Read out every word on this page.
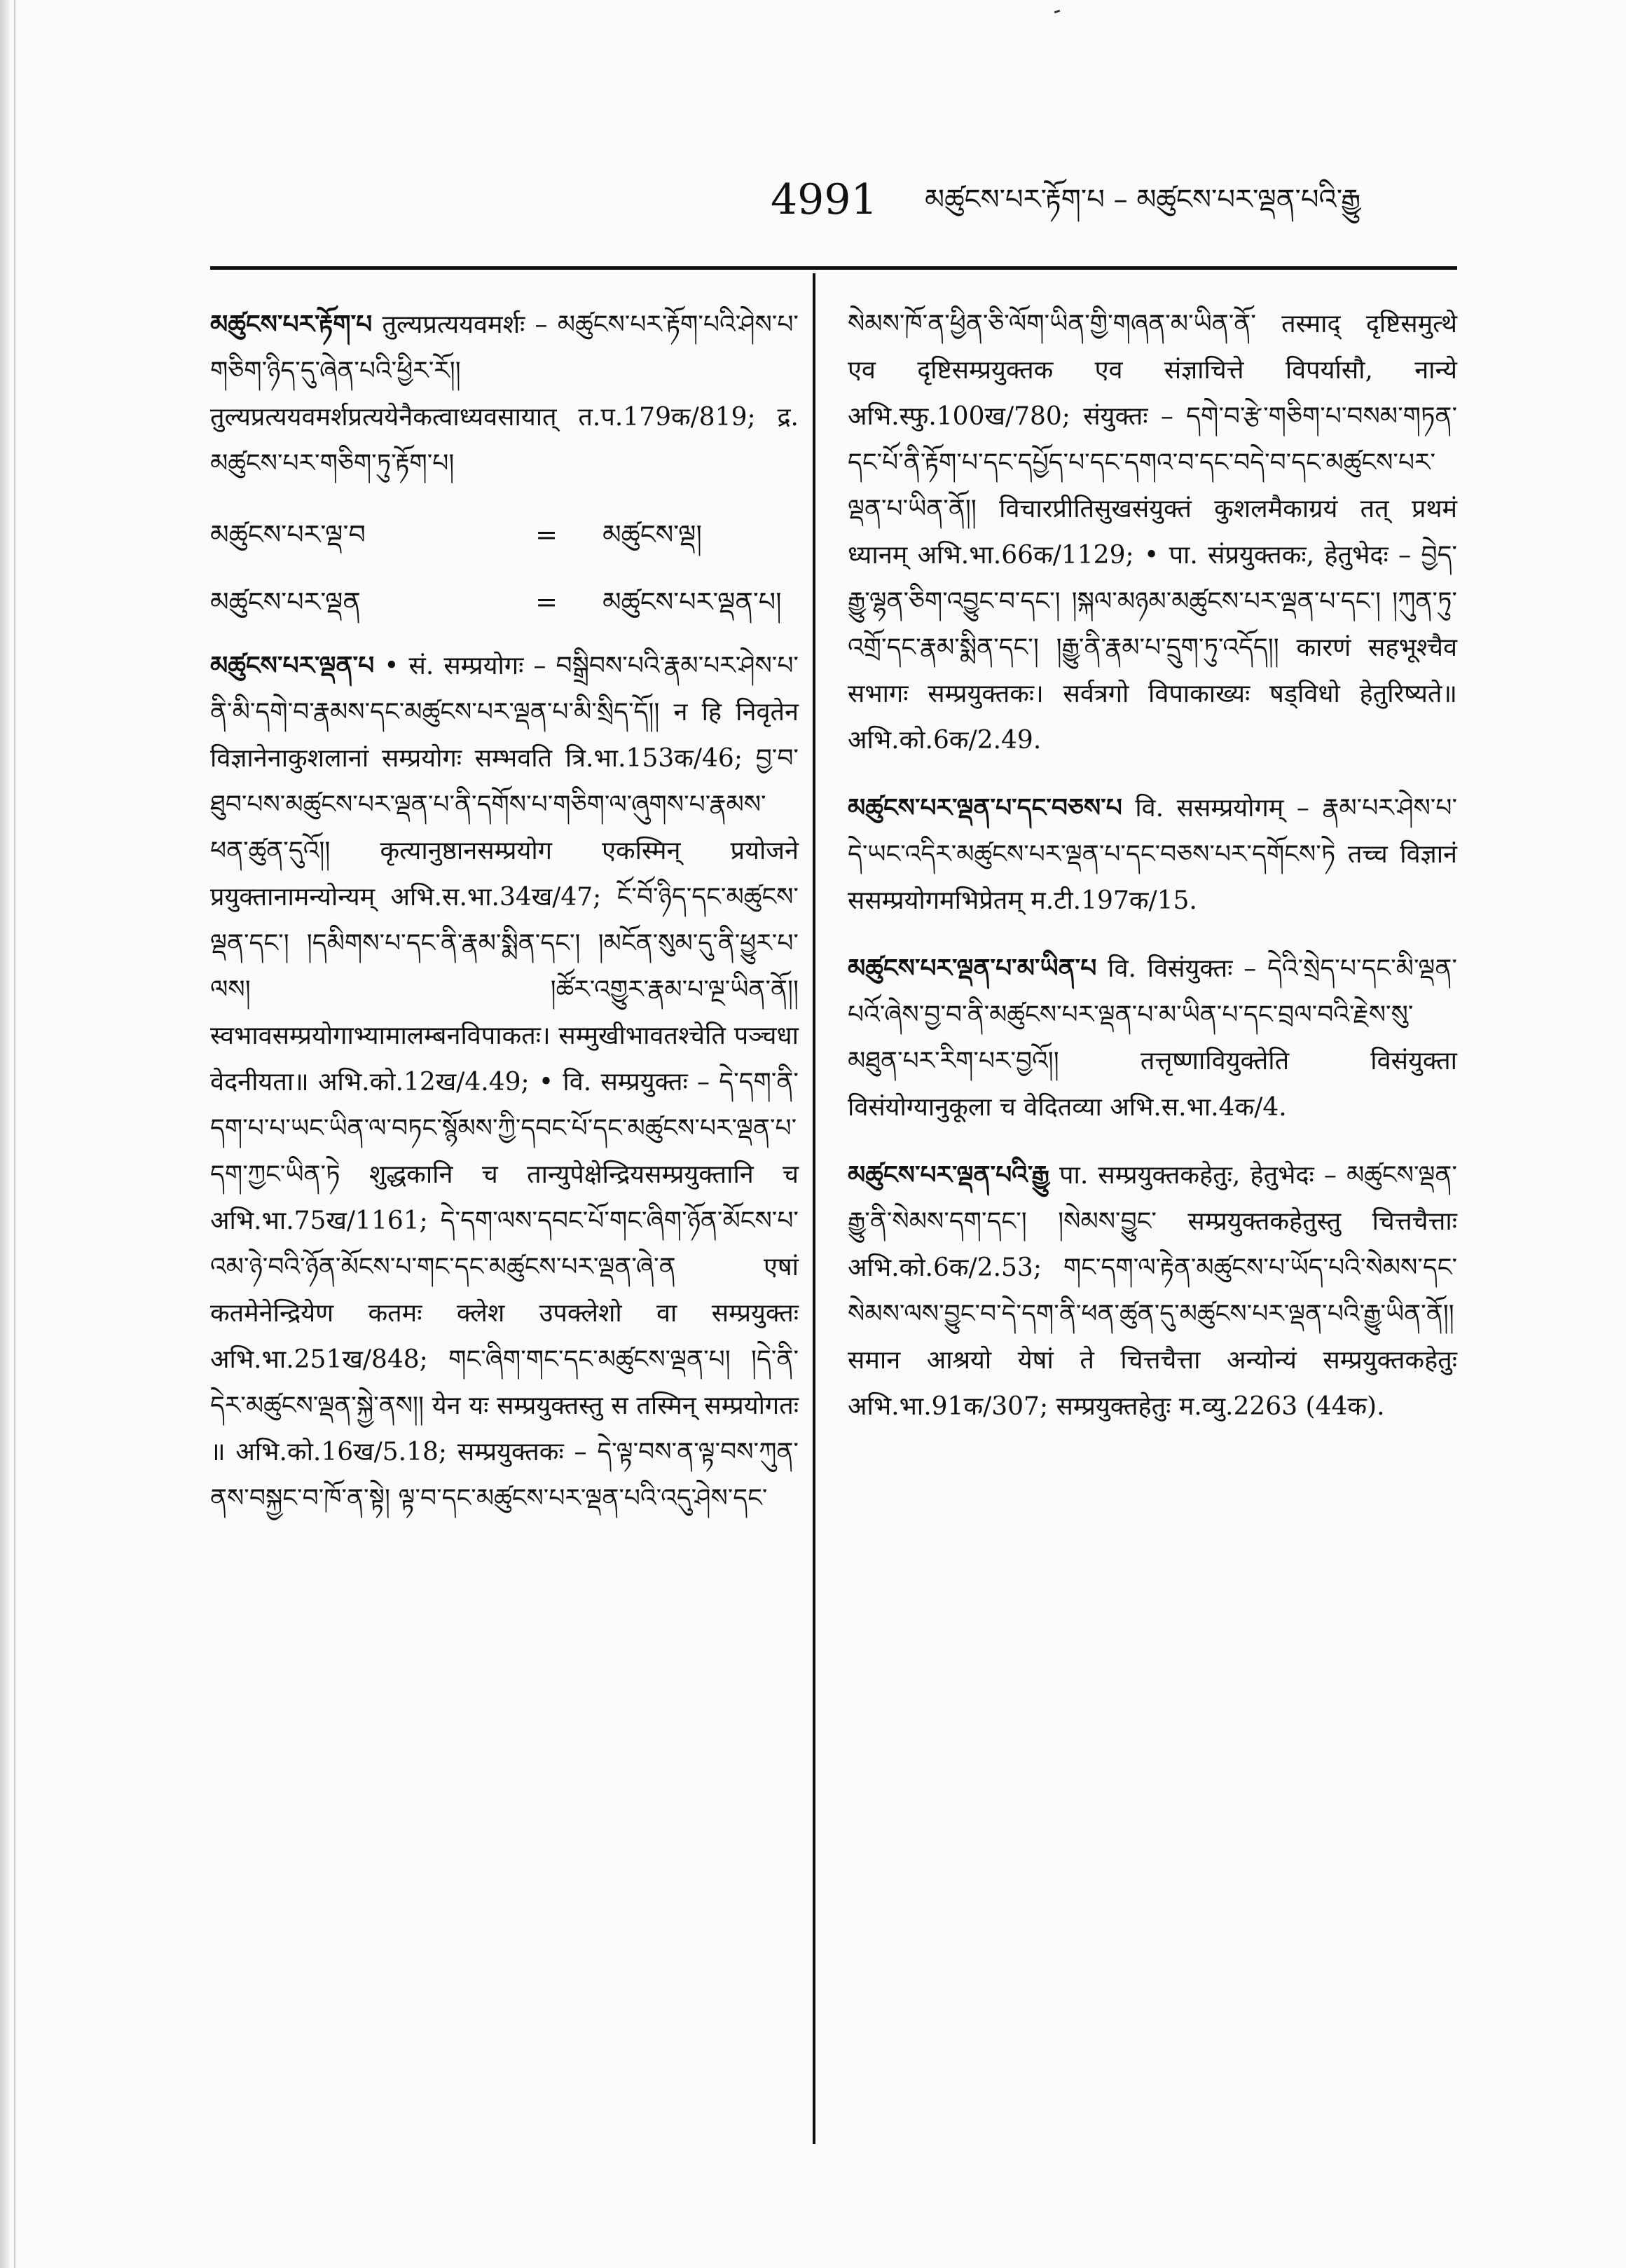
4991 མཚུངས་པར་རྟོག་པ – མཚུངས་པར་ལྡན་པའི་རྒྱུ
མཚུངས་པར་རྟོག་པ तुल्यप्रत्ययवमर्शः – མཚུངས་པར་རྟོག་པའི་ཤེས་པ་གཅིག་ཉིད་དུ་ཞེན་པའི་ཕྱིར་རོ།། तुल्यप्रत्ययवमर्शप्रत्ययेनैकत्वाध्यवसायात् त.प.179क/819; द्र. མཚུངས་པར་གཅིག་ཏུ་རྟོག་པ།
མཚུངས་པར་ལྡ་བ	=	མཚུངས་ལྡ།
མཚུངས་པར་ལྡན	=	མཚུངས་པར་ལྡན་པ།
མཚུངས་པར་ལྡན་པ • सं. सम्प्रयोगः – བསྒྲིབས་པའི་རྣམ་པར་ཤེས་པ་ནི་མི་དགེ་བ་རྣམས་དང་མཚུངས་པར་ལྡན་པ་མི་སྲིད་དོ།། न हि निवृतेन विज्ञानेनाकुशलानां सम्प्रयोगः सम्भवति त्रि.भा.153क/46; བྱ་བ་ཐུབ་པས་མཚུངས་པར་ལྡན་པ་ནི་དགོས་པ་གཅིག་ལ་ཞུགས་པ་རྣམས་ཕན་ཚུན་དུའོ།། कृत्यानुष्ठानसम्प्रयोग एकस्मिन् प्रयोजने प्रयुक्तानामन्योन्यम् अभि.स.भा.34ख/47; ངོ་བོ་ཉིད་དང་མཚུངས་ལྡན་དང་། །དམིགས་པ་དང་ནི་རྣམ་སྨིན་དང་། །མངོན་སུམ་དུ་ནི་ཕྱུར་པ་ལས། །ཚོར་འགྱུར་རྣམ་པ་ལྔ་ཡིན་ནོ།། स्वभावसम्प्रयोगाभ्यामालम्बनविपाकतः। सम्मुखीभावतश्चेति पञ्चधा वेदनीयता॥ अभि.को.12ख/4.49; • वि. सम्प्रयुक्तः – དེ་དག་ནི་དག་པ་པ་ཡང་ཡིན་ལ་བཏང་སྙོམས་ཀྱི་དབང་པོ་དང་མཚུངས་པར་ལྡན་པ་དག་ཀྱང་ཡིན་ཏེ शुद्धकानि च तान्युपेक्षेन्द्रियसम्प्रयुक्तानि च अभि.भा.75ख/1161; དེ་དག་ལས་དབང་པོ་གང་ཞིག་ཉོན་མོངས་པ་འམ་ཉེ་བའི་ཉོན་མོངས་པ་གང་དང་མཚུངས་པར་ལྡན་ཞེ་ན एषां कतमेनेन्द्रियेण कतमः क्लेश उपक्लेशो वा सम्प्रयुक्तः अभि.भा.251ख/848; གང་ཞིག་གང་དང་མཚུངས་ལྡན་པ། །དེ་ནི་དེར་མཚུངས་ལྡན་སྐྱེ་ནས།། येन यः सम्प्रयुक्तस्तु स तस्मिन् सम्प्रयोगतः ॥ अभि.को.16ख/5.18; सम्प्रयुक्तकः – དེ་ལྟ་བས་ན་ལྟ་བས་ཀུན་ནས་བསྐྱང་བ་ཁོ་ན་སྟེ། ལྟ་བ་དང་མཚུངས་པར་ལྡན་པའི་འདུ་ཤེས་དང་
སེམས་ཁོ་ན་ཕྱིན་ཅི་ལོག་ཡིན་གྱི་གཞན་མ་ཡིན་ནོ་ तस्माद् दृष्टिसमुत्थे एव दृष्टिसम्प्रयुक्तक एव संज्ञाचित्ते विपर्यासौ, नान्ये अभि.स्फु.100ख/780; संयुक्तः – དགེ་བ་རྩེ་གཅིག་པ་བསམ་གཏན་དང་པོ་ནི་རྟོག་པ་དང་དཔྱོད་པ་དང་དགའ་བ་དང་བདེ་བ་དང་མཚུངས་པར་ལྡན་པ་ཡིན་ནོ།། विचारप्रीतिसुखसंयुक्तं कुशलमैकाग्रयं तत् प्रथमं ध्यानम् अभि.भा.66क/1129; • पा. संप्रयुक्तकः, हेतुभेदः – བྱེད་རྒྱུ་ལྷན་ཅིག་འབྱུང་བ་དང་། །སྐལ་མཉམ་མཚུངས་པར་ལྡན་པ་དང་། །ཀུན་ཏུ་འགྲོ་དང་རྣམ་སྨིན་དང་། །རྒྱུ་ནི་རྣམ་པ་དྲུག་ཏུ་འདོད།། कारणं सहभूश्चैव सभागः सम्प्रयुक्तकः। सर्वत्रगो विपाकाख्यः षड्विधो हेतुरिष्यते॥ अभि.को.6क/2.49.
མཚུངས་པར་ལྡན་པ་དང་བཅས་པ वि. ससम्प्रयोगम् – རྣམ་པར་ཤེས་པ་དེ་ཡང་འདིར་མཚུངས་པར་ལྡན་པ་དང་བཅས་པར་དགོངས་ཏེ तच्च विज्ञानं ससम्प्रयोगमभिप्रेतम् म.टी.197क/15.
མཚུངས་པར་ལྡན་པ་མ་ཡིན་པ वि. विसंयुक्तः – དེའི་སྲེད་པ་དང་མི་ལྡན་པའོ་ཞེས་བྱ་བ་ནི་མཚུངས་པར་ལྡན་པ་མ་ཡིན་པ་དང་བྲལ་བའི་རྗེས་སུ་མཐུན་པར་རིག་པར་བྱའོ།། तत्तृष्णावियुक्तेति विसंयुक्ता विसंयोग्यानुकूला च वेदितव्या अभि.स.भा.4क/4.
མཚུངས་པར་ལྡན་པའི་རྒྱུ पा. सम्प्रयुक्तकहेतुः, हेतुभेदः – མཚུངས་ལྡན་རྒྱུ་ནི་སེམས་དག་དང་། །སེམས་བྱུང་ सम्प्रयुक्तकहेतुस्तु चित्तचैत्ताः अभि.को.6क/2.53; གང་དག་ལ་རྟེན་མཚུངས་པ་ཡོད་པའི་སེམས་དང་སེམས་ལས་བྱུང་བ་དེ་དག་ནི་ཕན་ཚུན་དུ་མཚུངས་པར་ལྡན་པའི་རྒྱུ་ཡིན་ནོ།། समान आश्रयो येषां ते चित्तचैत्ता अन्योन्यं सम्प्रयुक्तकहेतुः अभि.भा.91क/307; सम्प्रयुक्तहेतुः म.व्यु.2263 (44क).
